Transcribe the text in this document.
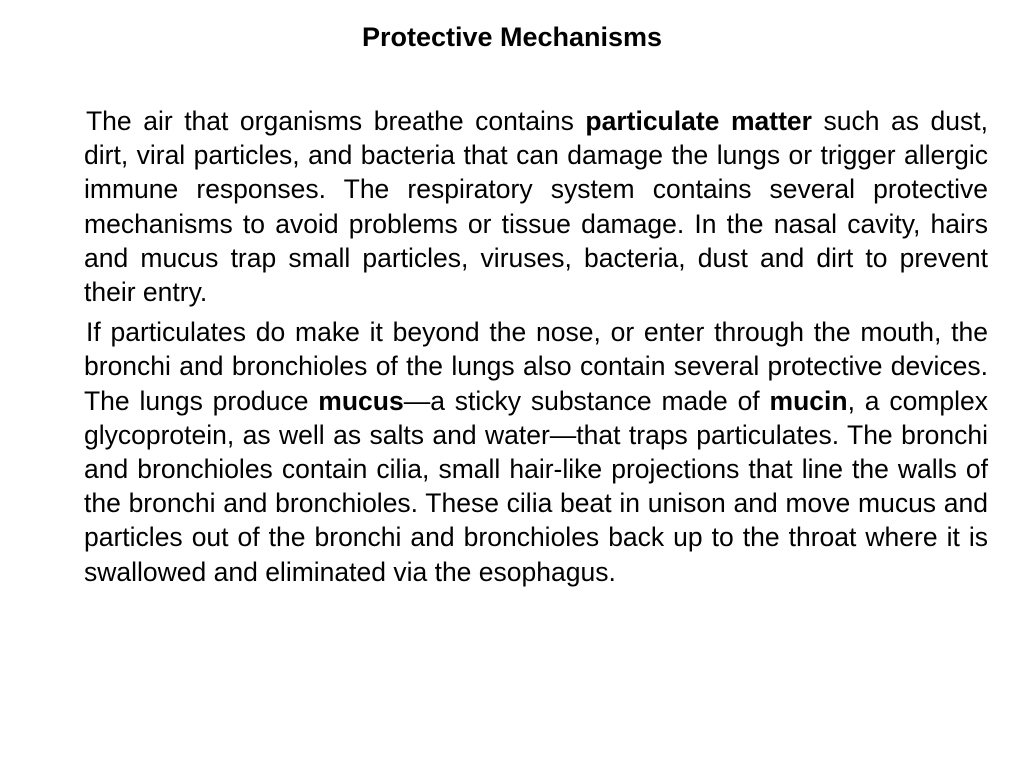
Protective Mechanisms

The air that organisms breathe contains particulate matter such as dust, dirt, viral particles, and bacteria that can damage the lungs or trigger allergic immune responses. The respiratory system contains several protective mechanisms to avoid problems or tissue damage. In the nasal cavity, hairs and mucus trap small particles, viruses, bacteria, dust and dirt to prevent their entry.

If particulates do make it beyond the nose, or enter through the mouth, the bronchi and bronchioles of the lungs also contain several protective devices. The lungs produce mucus—a sticky substance made of mucin, a complex glycoprotein, as well as salts and water—that traps particulates. The bronchi and bronchioles contain cilia, small hair-like projections that line the walls of the bronchi and bronchioles. These cilia beat in unison and move mucus and particles out of the bronchi and bronchioles back up to the throat where it is swallowed and eliminated via the esophagus.
